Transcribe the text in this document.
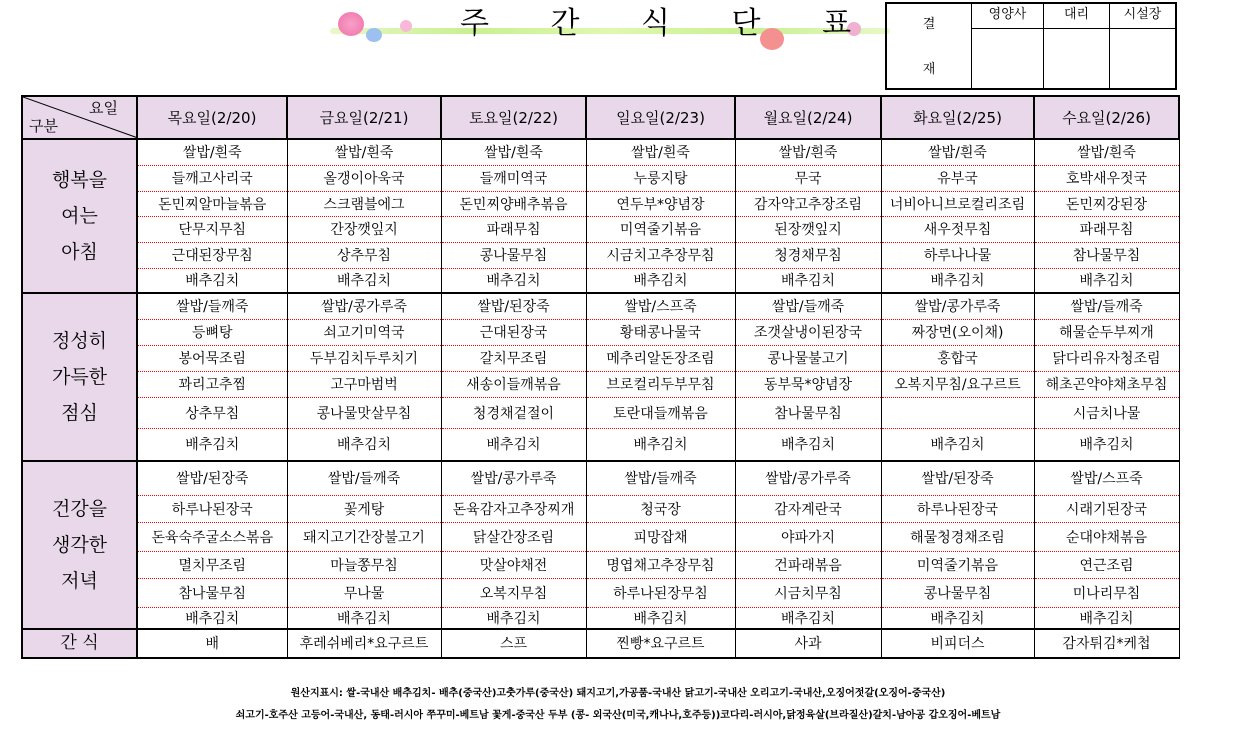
주 간 식 단 표	결
재
영양사	대리	시설장
요일
구분	목요일(2/20)	금요일(2/21)	토요일(2/22)	일요일(2/23)	월요일(2/24)	화요일(2/25)	수요일(2/26)

행복을
여는
아침	쌀밥/흰죽	쌀밥/흰죽	쌀밥/흰죽	쌀밥/흰죽	쌀밥/흰죽	쌀밥/흰죽	쌀밥/흰죽
	들깨고사리국	올갱이아욱국	들깨미역국	누룽지탕	무국	유부국	호박새우젓국
	돈민찌알마늘볶음	스크램블에그	돈민찌양배추볶음	연두부*양념장	감자약고추장조림	너비아니브로컬리조림	돈민찌강된장
	단무지무침	간장깻잎지	파래무침	미역줄기볶음	된장깻잎지	새우젓무침	파래무침
	근대된장무침	상추무침	콩나물무침	시금치고추장무침	청경채무침	하루나나물	참나물무침
	배추김치	배추김치	배추김치	배추김치	배추김치	배추김치	배추김치

정성히
가득한
점심	쌀밥/들깨죽	쌀밥/콩가루죽	쌀밥/된장죽	쌀밥/스프죽	쌀밥/들깨죽	쌀밥/콩가루죽	쌀밥/들깨죽
	등뼈탕	쇠고기미역국	근대된장국	황태콩나물국	조갯살냉이된장국	짜장면(오이채)	해물순두부찌개
	봉어묵조림	두부김치두루치기	갈치무조림	메추리알돈장조림	콩나물불고기	홍합국	닭다리유자청조림
	꽈리고추찜	고구마범벅	새송이들깨볶음	브로컬리두부무침	동부묵*양념장	오복지무침/요구르트	해초곤약야채초무침
	상추무침	콩나물맛살무침	청경채겉절이	토란대들깨볶음	참나물무침		시금치나물
	배추김치	배추김치	배추김치	배추김치	배추김치	배추김치	배추김치

건강을
생각한
저녁	쌀밥/된장죽	쌀밥/들깨죽	쌀밥/콩가루죽	쌀밥/들깨죽	쌀밥/콩가루죽	쌀밥/된장죽	쌀밥/스프죽
	하루나된장국	꽃게탕	돈육감자고추장찌개	청국장	감자계란국	하루나된장국	시래기된장국
	돈육숙주굴소스볶음	돼지고기간장불고기	닭살간장조림	피망잡채	야파가지	해물청경채조림	순대야채볶음
	멸치무조림	마늘쫑무침	맛살야채전	명엽채고추장무침	건파래볶음	미역줄기볶음	연근조림
	참나물무침	무나물	오복지무침	하루나된장무침	시금치무침	콩나물무침	미나리무침
	배추김치	배추김치	배추김치	배추김치	배추김치	배추김치	배추김치
간 식	배	후레쉬베리*요구르트	스프	찐빵*요구르트	사과	비피더스	감자튀김*케첩
원산지표시: 쌀-국내산 배추김치- 배추(중국산)고춧가루(중국산) 돼지고기,가공품-국내산 닭고기-국내산 오리고기-국내산,오징어젓갈(오징어-중국산)
쇠고기-호주산 고등어-국내산, 동태-러시아 쭈꾸미-베트남 꽃게-중국산 두부 (콩- 외국산(미국,캐나나,호주등))코다리-러시아,닭정육살(브라질산)갈치-남아공 갑오징어-베트남
